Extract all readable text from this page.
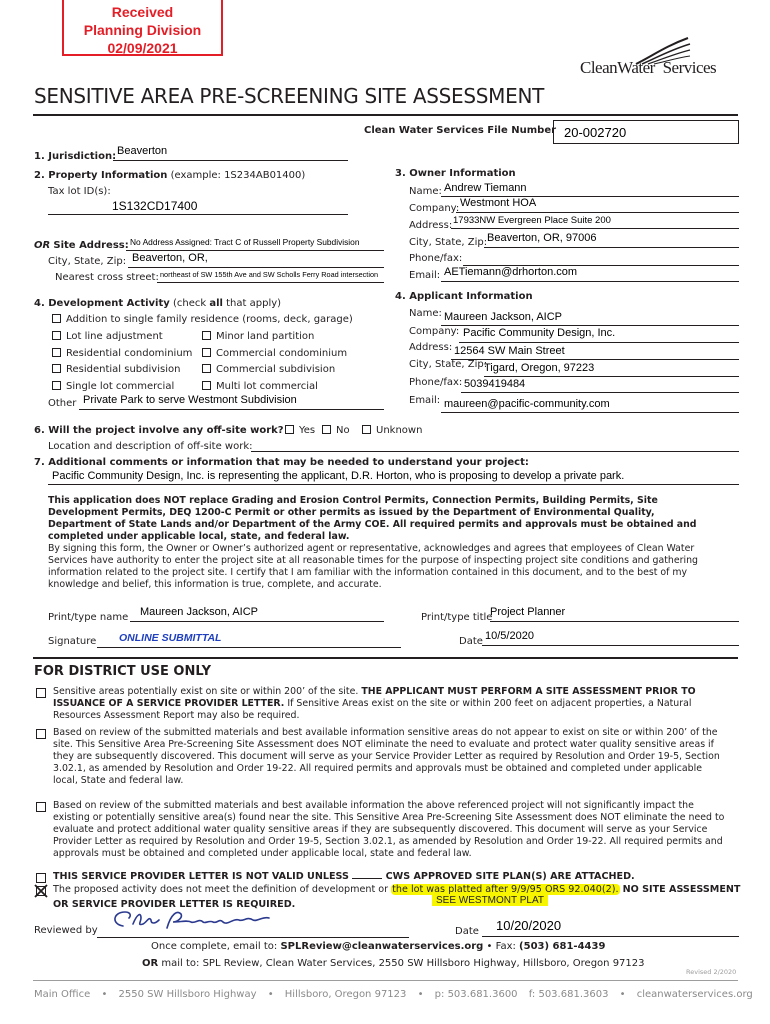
Received
Planning Division
02/09/2021
CleanWater Services
SENSITIVE AREA PRE-SCREENING SITE ASSESSMENT
Clean Water Services File Number 20-002720
1. Jurisdiction: Beaverton
2. Property Information (example: 1S234AB01400)
Tax lot ID(s):
1S132CD17400
OR Site Address: No Address Assigned: Tract C of Russell Property Subdivision
City, State, Zip: Beaverton, OR,
Nearest cross street: northeast of SW 155th Ave and SW Scholls Ferry Road intersection
3. Owner Information
Name: Andrew Tiemann
Company: Westmont HOA
Address: 17933NW Evergreen Place Suite 200
City, State, Zip: Beaverton, OR, 97006
Phone/fax:
Email: AETiemann@drhorton.com
4. Development Activity (check all that apply)
Addition to single family residence (rooms, deck, garage)
Lot line adjustment	Minor land partition
Residential condominium	Commercial condominium
Residential subdivision	Commercial subdivision
Single lot commercial	Multi lot commercial
Other Private Park to serve Westmont Subdivision
4. Applicant Information
Name: Maureen Jackson, AICP
Company: Pacific Community Design, Inc.
Address: 12564 SW Main Street
City, State, Zip:
Tigard, Oregon, 97223
Phone/fax: 5039419484
Email: maureen@pacific-community.com
6. Will the project involve any off-site work?	Yes	No	Unknown
Location and description of off-site work:
7. Additional comments or information that may be needed to understand your project:
Pacific Community Design, Inc. is representing the applicant, D.R. Horton, who is proposing to develop a private park.
This application does NOT replace Grading and Erosion Control Permits, Connection Permits, Building Permits, Site Development Permits, DEQ 1200-C Permit or other permits as issued by the Department of Environmental Quality, Department of State Lands and/or Department of the Army COE. All required permits and approvals must be obtained and completed under applicable local, state, and federal law.
By signing this form, the Owner or Owner’s authorized agent or representative, acknowledges and agrees that employees of Clean Water Services have authority to enter the project site at all reasonable times for the purpose of inspecting project site conditions and gathering information related to the project site. I certify that I am familiar with the information contained in this document, and to the best of my knowledge and belief, this information is true, complete, and accurate.
Print/type name Maureen Jackson, AICP	Print/type title
Project Planner
Signature ONLINE SUBMITTAL	Date 10/5/2020
FOR DISTRICT USE ONLY
Sensitive areas potentially exist on site or within 200’ of the site. THE APPLICANT MUST PERFORM A SITE ASSESSMENT PRIOR TO ISSUANCE OF A SERVICE PROVIDER LETTER. If Sensitive Areas exist on the site or within 200 feet on adjacent properties, a Natural Resources Assessment Report may also be required.
Based on review of the submitted materials and best available information sensitive areas do not appear to exist on site or within 200’ of the site. This Sensitive Area Pre-Screening Site Assessment does NOT eliminate the need to evaluate and protect water quality sensitive areas if they are subsequently discovered. This document will serve as your Service Provider Letter as required by Resolution and Order 19-5, Section 3.02.1, as amended by Resolution and Order 19-22. All required permits and approvals must be obtained and completed under applicable local, State and federal law.
Based on review of the submitted materials and best available information the above referenced project will not significantly impact the existing or potentially sensitive area(s) found near the site. This Sensitive Area Pre-Screening Site Assessment does NOT eliminate the need to evaluate and protect additional water quality sensitive areas if they are subsequently discovered. This document will serve as your Service Provider Letter as required by Resolution and Order 19-5, Section 3.02.1, as amended by Resolution and Order 19-22. All required permits and approvals must be obtained and completed under applicable local, state and federal law.
THIS SERVICE PROVIDER LETTER IS NOT VALID UNLESS	CWS APPROVED SITE PLAN(S) ARE ATTACHED.
The proposed activity does not meet the definition of development or the lot was platted after 9/9/95 ORS 92.040(2). NO SITE ASSESSMENT
OR SERVICE PROVIDER LETTER IS REQUIRED.	SEE WESTMONT PLAT
Reviewed by	Date 10/20/2020
Once complete, email to: SPLReview@cleanwaterservices.org • Fax: (503) 681-4439
OR mail to: SPL Review, Clean Water Services, 2550 SW Hillsboro Highway, Hillsboro, Oregon 97123
Revised 2/2020
Main Office • 2550 SW Hillsboro Highway • Hillsboro, Oregon 97123 • p: 503.681.3600 f: 503.681.3603 • cleanwaterservices.org
